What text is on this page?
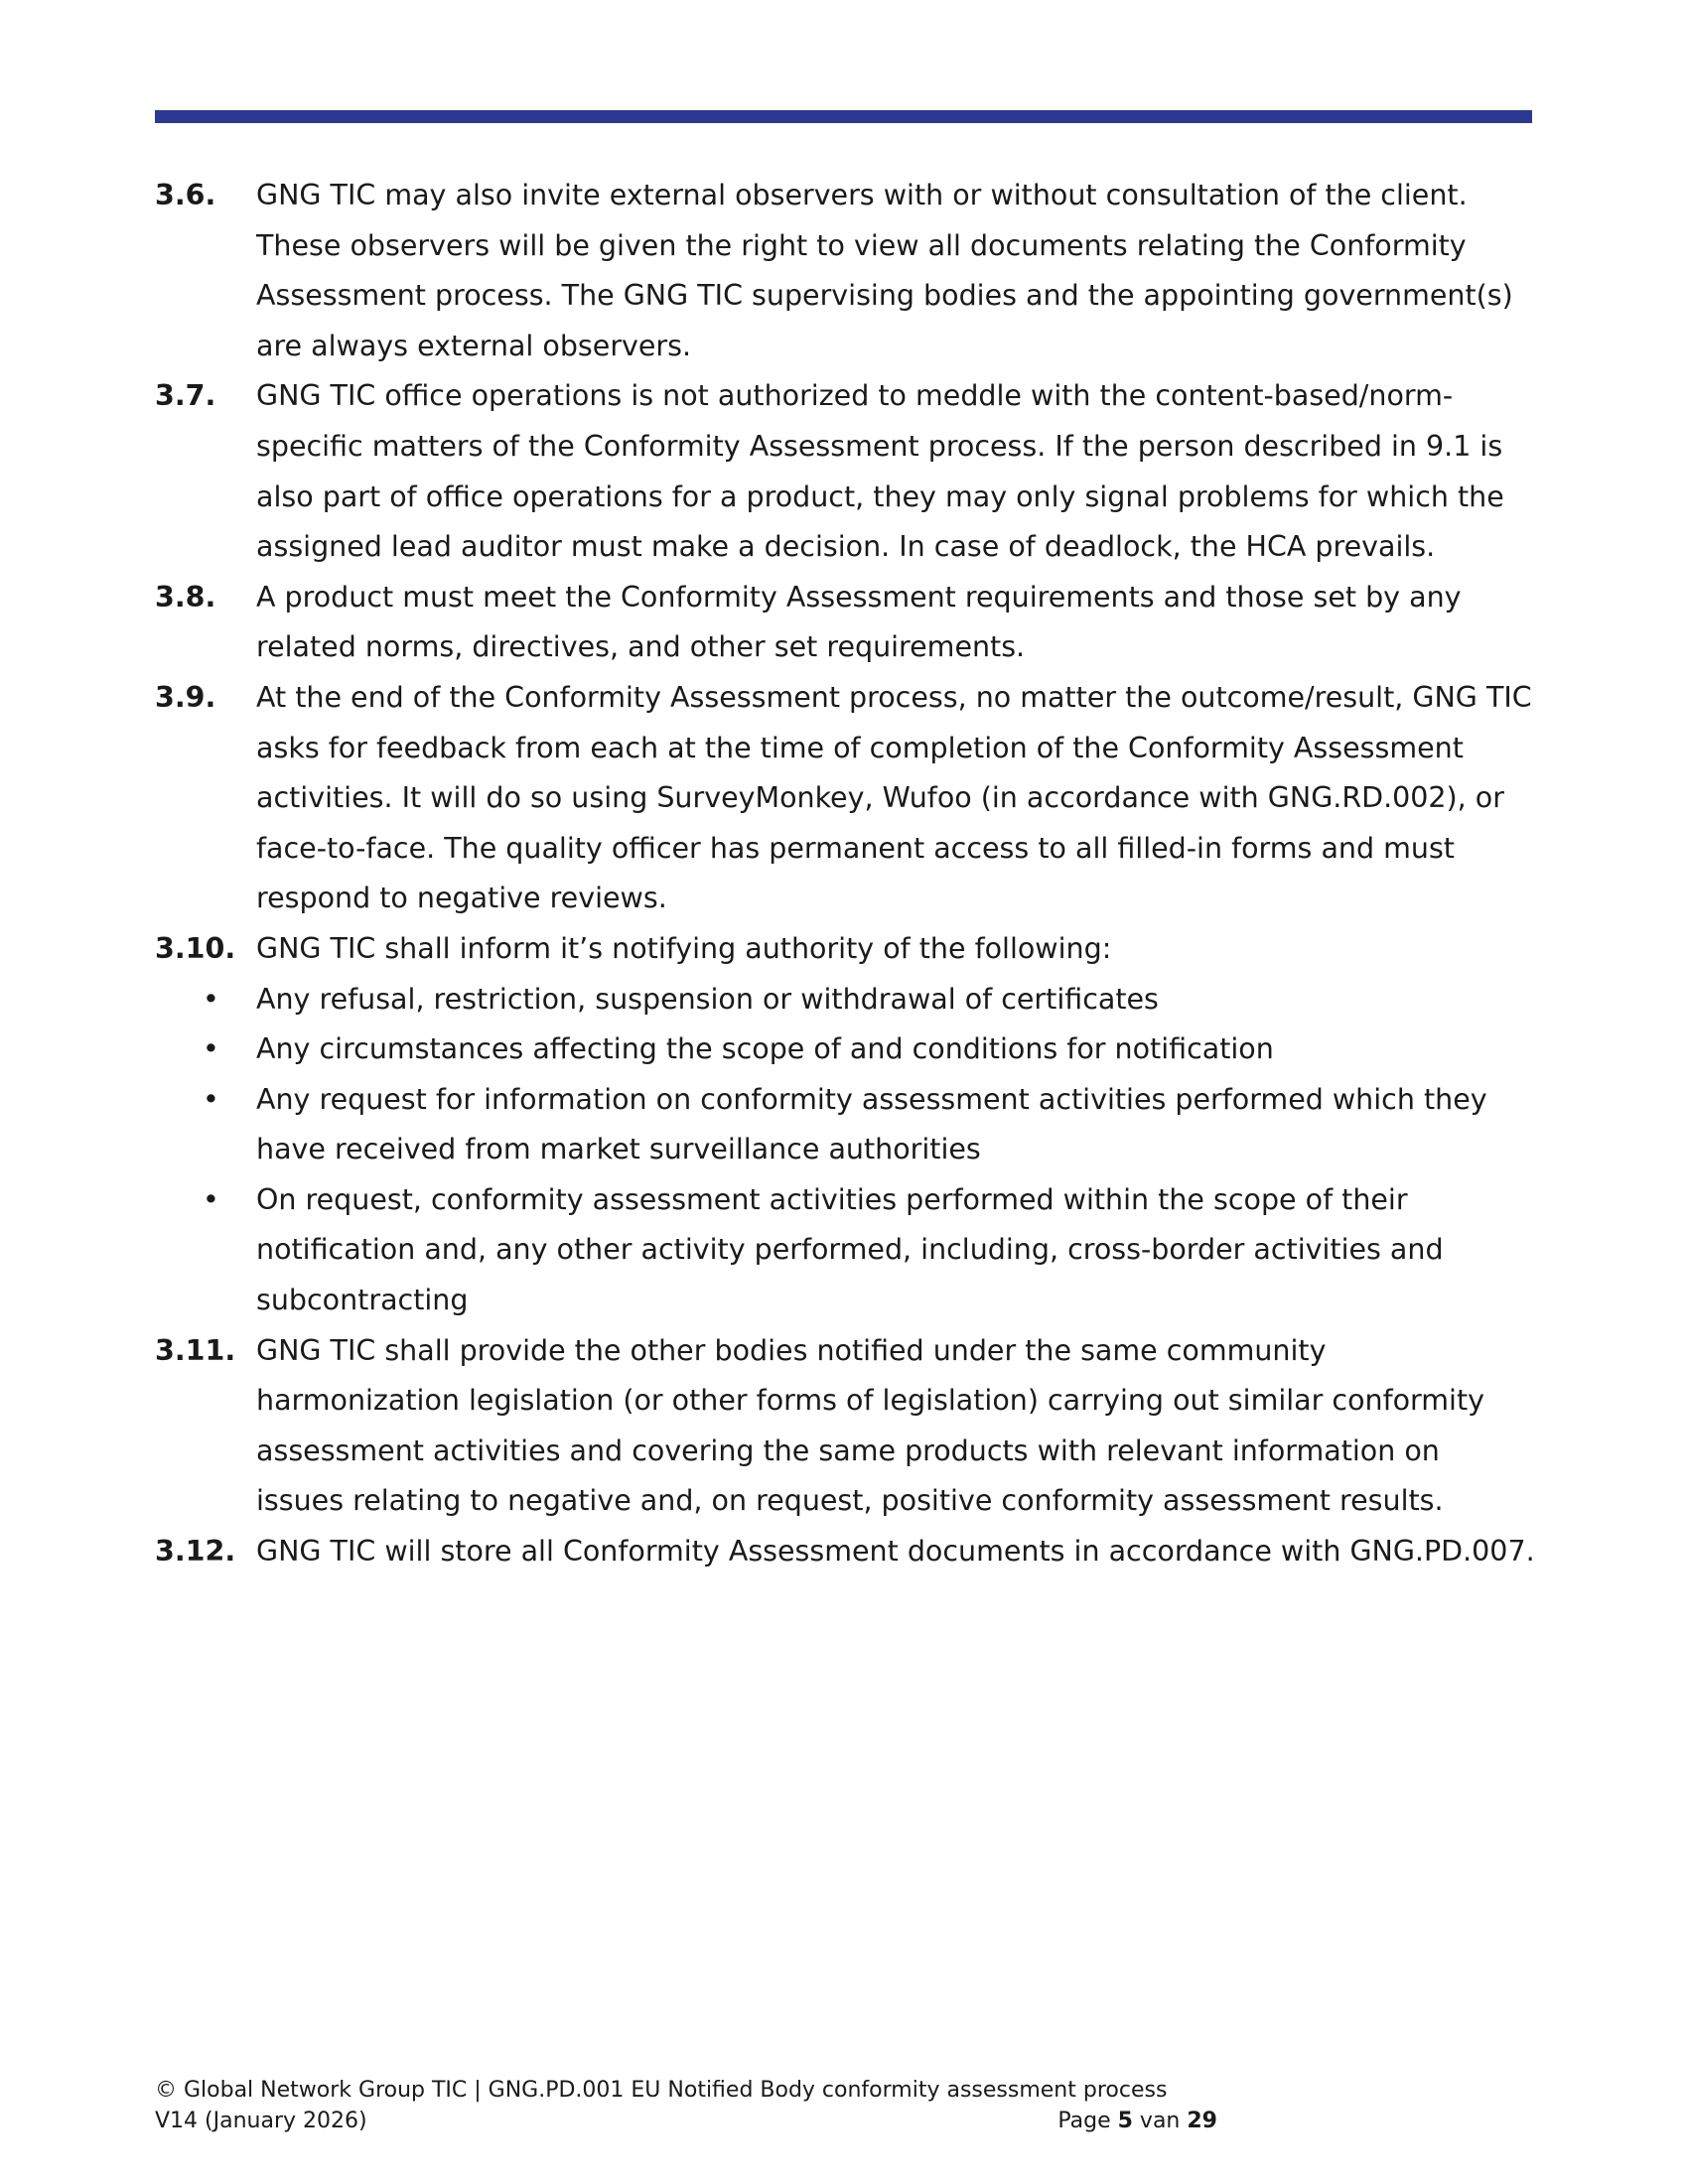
3.6.	GNG TIC may also invite external observers with or without consultation of the client. These observers will be given the right to view all documents relating the Conformity Assessment process. The GNG TIC supervising bodies and the appointing government(s) are always external observers.
3.7.	GNG TIC office operations is not authorized to meddle with the content-based/norm-specific matters of the Conformity Assessment process. If the person described in 9.1 is also part of office operations for a product, they may only signal problems for which the assigned lead auditor must make a decision. In case of deadlock, the HCA prevails.
3.8.	A product must meet the Conformity Assessment requirements and those set by any related norms, directives, and other set requirements.
3.9.	At the end of the Conformity Assessment process, no matter the outcome/result, GNG TIC asks for feedback from each at the time of completion of the Conformity Assessment activities. It will do so using SurveyMonkey, Wufoo (in accordance with GNG.RD.002), or face-to-face. The quality officer has permanent access to all filled-in forms and must respond to negative reviews.
3.10. GNG TIC shall inform it’s notifying authority of the following:
•	Any refusal, restriction, suspension or withdrawal of certificates
•	Any circumstances affecting the scope of and conditions for notification
•	Any request for information on conformity assessment activities performed which they have received from market surveillance authorities
•	On request, conformity assessment activities performed within the scope of their notification and, any other activity performed, including, cross-border activities and subcontracting
3.11. GNG TIC shall provide the other bodies notified under the same community harmonization legislation (or other forms of legislation) carrying out similar conformity assessment activities and covering the same products with relevant information on issues relating to negative and, on request, positive conformity assessment results.
3.12. GNG TIC will store all Conformity Assessment documents in accordance with GNG.PD.007.
© Global Network Group TIC | GNG.PD.001 EU Notified Body conformity assessment process
V14 (January 2026)	Page 5 van 29
